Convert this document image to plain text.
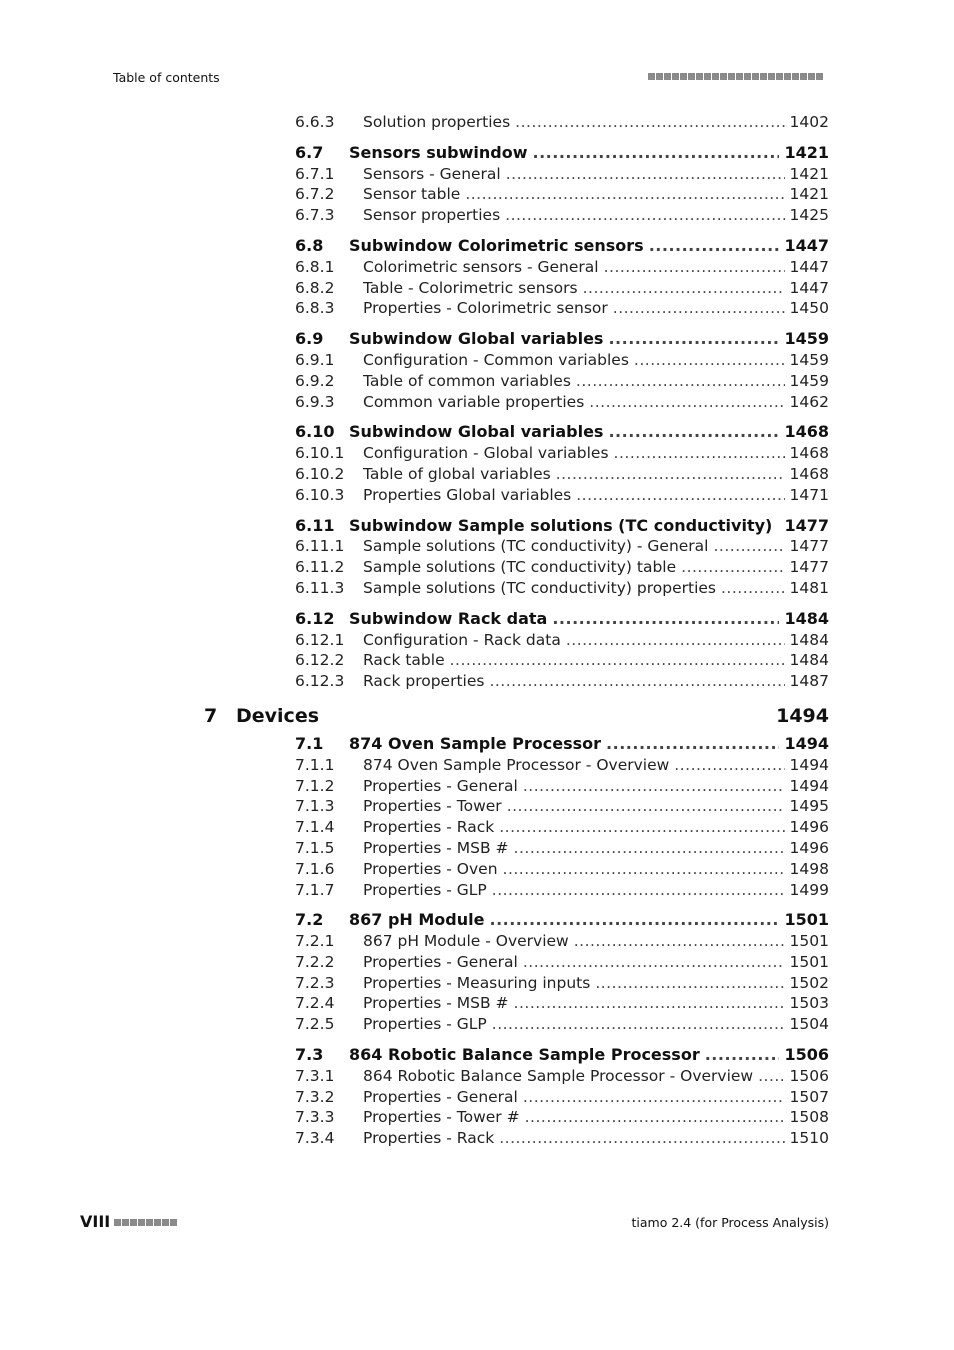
Table of contents
6.6.3	Solution properties .....	1402
6.7	Sensors subwindow .....	1421
6.7.1	Sensors - General .....	1421
6.7.2	Sensor table .....	1421
6.7.3	Sensor properties .....	1425
6.8	Subwindow Colorimetric sensors .....	1447
6.8.1	Colorimetric sensors - General .....	1447
6.8.2	Table - Colorimetric sensors .....	1447
6.8.3	Properties - Colorimetric sensor .....	1450
6.9	Subwindow Global variables .....	1459
6.9.1	Configuration - Common variables .....	1459
6.9.2	Table of common variables .....	1459
6.9.3	Common variable properties .....	1462
6.10 Subwindow Global variables .....	1468
6.10.1	Configuration - Global variables .....	1468
6.10.2	Table of global variables .....	1468
6.10.3	Properties Global variables .....	1471
6.11 Subwindow Sample solutions (TC conductivity) ..... 1477
6.11.1	Sample solutions (TC conductivity) - General .....	1477
6.11.2	Sample solutions (TC conductivity) table .....	1477
6.11.3	Sample solutions (TC conductivity) properties .....	1481
6.12 Subwindow Rack data .....	1484
6.12.1	Configuration - Rack data .....	1484
6.12.2	Rack table .....	1484
6.12.3	Rack properties .....	1487
7 Devices	1494
7.1	874 Oven Sample Processor .....	1494
7.1.1	874 Oven Sample Processor - Overview .....	1494
7.1.2	Properties - General .....	1494
7.1.3	Properties - Tower .....	1495
7.1.4	Properties - Rack .....	1496
7.1.5	Properties - MSB # .....	1496
7.1.6	Properties - Oven .....	1498
7.1.7	Properties - GLP .....	1499
7.2	867 pH Module .....	1501
7.2.1	867 pH Module - Overview .....	1501
7.2.2	Properties - General .....	1501
7.2.3	Properties - Measuring inputs .....	1502
7.2.4	Properties - MSB # .....	1503
7.2.5	Properties - GLP .....	1504
7.3	864 Robotic Balance Sample Processor .....	1506
7.3.1	864 Robotic Balance Sample Processor - Overview ..... 1506
7.3.2	Properties - General .....	1507
7.3.3	Properties - Tower # .....	1508
7.3.4	Properties - Rack .....	1510
VIII	tiamo 2.4 (for Process Analysis)
